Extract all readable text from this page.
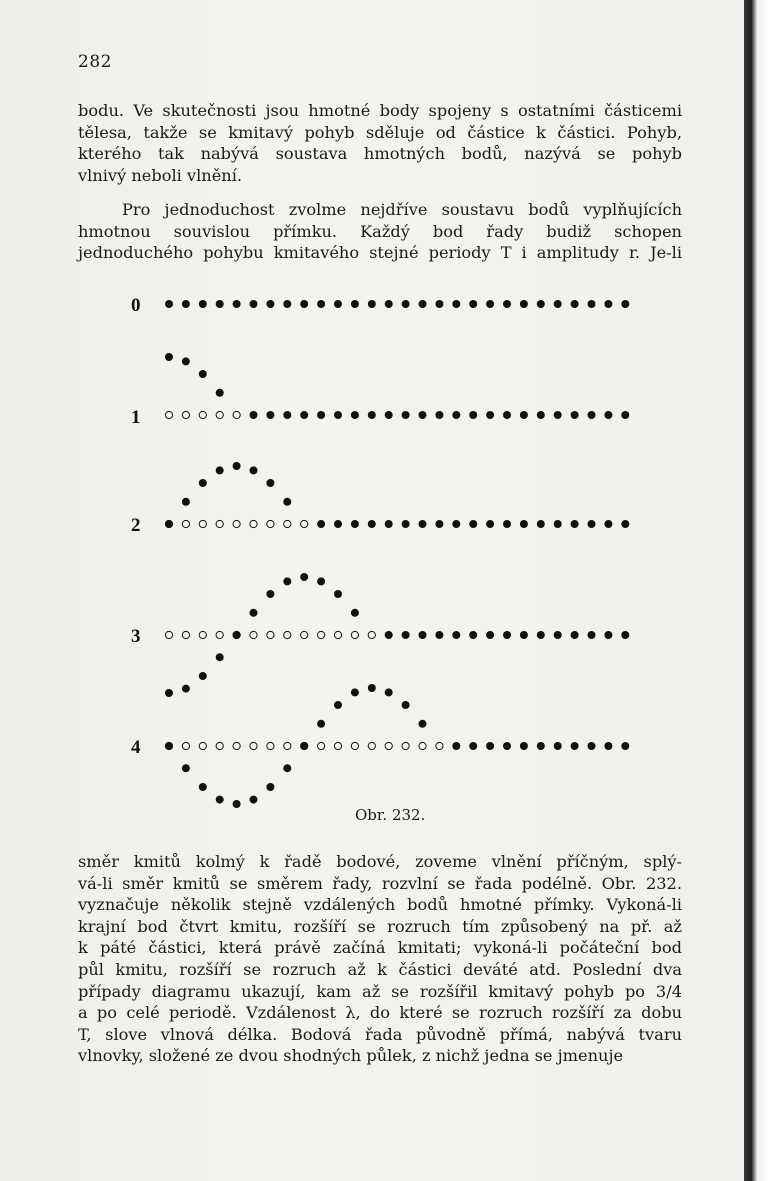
282
bodu. Ve skutečnosti jsou hmotné body spojeny s ostatními částicemi
tělesa, takže se kmitavý pohyb sděluje od částice k částici. Pohyb,
kterého tak nabývá soustava hmotných bodů, nazývá se pohyb
vlnivý neboli vlnění.
Pro jednoduchost zvolme nejdříve soustavu bodů vyplňujících
hmotnou souvislou přímku. Každý bod řady budiž schopen
jednoduchého pohybu kmitavého stejné periody T i amplitudy r. Je-li
0
1
2
3
4
Obr. 232.
směr kmitů kolmý k řadě bodové, zoveme vlnění příčným, splý-
vá-li směr kmitů se směrem řady, rozvlní se řada podélně. Obr. 232.
vyznačuje několik stejně vzdálených bodů hmotné přímky. Vykoná-li
krajní bod čtvrt kmitu, rozšíří se rozruch tím způsobený na př. až
k páté částici, která právě začíná kmitati; vykoná-li počáteční bod
půl kmitu, rozšíří se rozruch až k částici deváté atd. Poslední dva
případy diagramu ukazují, kam až se rozšířil kmitavý pohyb po 3/4
a po celé periodě. Vzdálenost λ, do které se rozruch rozšíří za dobu
T, slove vlnová délka. Bodová řada původně přímá, nabývá tvaru
vlnovky, složené ze dvou shodných půlek, z nichž jedna se jmenuje
